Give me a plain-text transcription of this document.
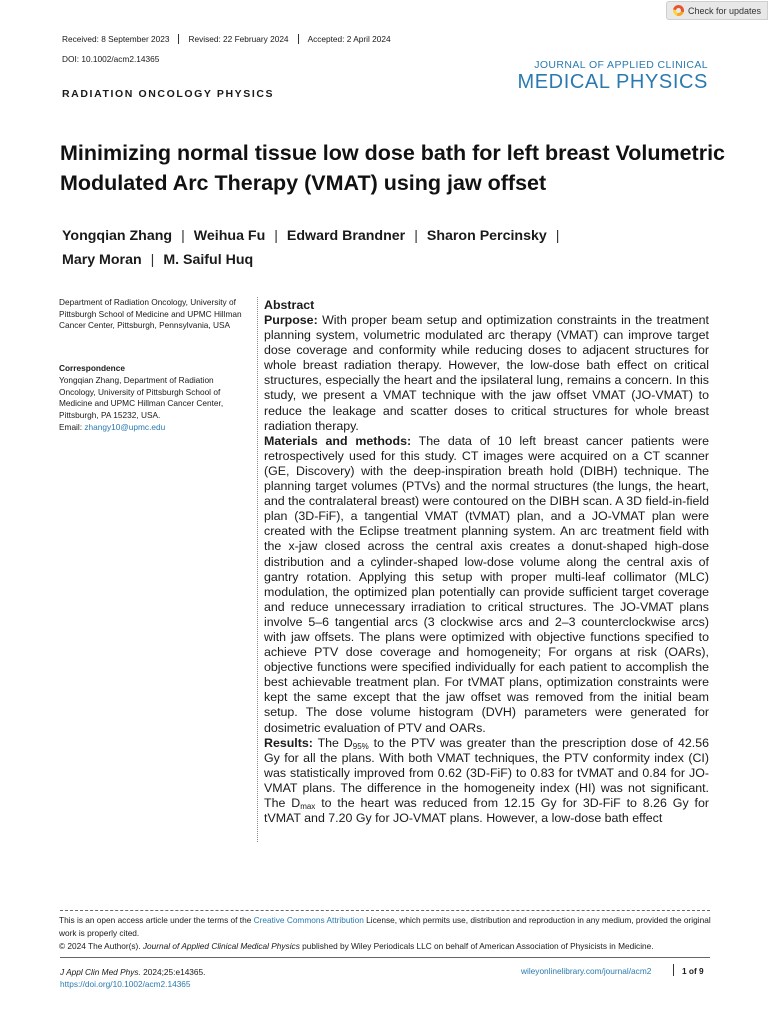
Check for updates
Received: 8 September 2023	Revised: 22 February 2024	Accepted: 2 April 2024
DOI: 10.1002/acm2.14365	JOURNAL OF APPLIED CLINICAL
MEDICAL PHYSICS
RADIATION ONCOLOGY PHYSICS
Minimizing normal tissue low dose bath for left breast Volumetric Modulated Arc Therapy (VMAT) using jaw offset
Yongqian Zhang | Weihua Fu | Edward Brandner | Sharon Percinsky |
Mary Moran | M. Saiful Huq
Department of Radiation Oncology, University of Pittsburgh School of Medicine and UPMC Hillman Cancer Center, Pittsburgh, Pennsylvania, USA
Correspondence
Yongqian Zhang, Department of Radiation Oncology, University of Pittsburgh School of Medicine and UPMC Hillman Cancer Center, Pittsburgh, PA 15232, USA.
Email: zhangy10@upmc.edu
Abstract

Purpose: With proper beam setup and optimization constraints in the treatment planning system, volumetric modulated arc therapy (VMAT) can improve target dose coverage and conformity while reducing doses to adjacent structures for whole breast radiation therapy. However, the low-dose bath effect on critical structures, especially the heart and the ipsilateral lung, remains a concern. In this study, we present a VMAT technique with the jaw offset VMAT (JO-VMAT) to reduce the leakage and scatter doses to critical structures for whole breast radiation therapy.

Materials and methods: The data of 10 left breast cancer patients were retrospectively used for this study. CT images were acquired on a CT scanner (GE, Discovery) with the deep-inspiration breath hold (DIBH) technique. The planning target volumes (PTVs) and the normal structures (the lungs, the heart, and the contralateral breast) were contoured on the DIBH scan. A 3D field-in-field plan (3D-FiF), a tangential VMAT (tVMAT) plan, and a JO-VMAT plan were created with the Eclipse treatment planning system. An arc treatment field with the x-jaw closed across the central axis creates a donut-shaped high-dose distribution and a cylinder-shaped low-dose volume along the central axis of gantry rotation. Applying this setup with proper multi-leaf collimator (MLC) modulation, the optimized plan potentially can provide sufficient target coverage and reduce unnecessary irradiation to critical structures. The JO-VMAT plans involve 5–6 tangential arcs (3 clockwise arcs and 2–3 counterclockwise arcs) with jaw offsets. The plans were optimized with objective functions specified to achieve PTV dose coverage and homogeneity; For organs at risk (OARs), objective functions were specified individually for each patient to accomplish the best achievable treatment plan. For tVMAT plans, optimization constraints were kept the same except that the jaw offset was removed from the initial beam setup. The dose volume histogram (DVH) parameters were generated for dosimetric evaluation of PTV and OARs.

Results: The $D_{95\%}$ to the PTV was greater than the prescription dose of 42.56 Gy for all the plans. With both VMAT techniques, the PTV conformity index (CI) was statistically improved from 0.62 (3D-FiF) to 0.83 for tVMAT and 0.84 for JO-VMAT plans. The difference in the homogeneity index (HI) was not significant. The $D_{max}$ to the heart was reduced from 12.15 Gy for 3D-FiF to 8.26 Gy for tVMAT and 7.20 Gy for JO-VMAT plans. However, a low-dose bath effect

This is an open access article under the terms of the Creative Commons Attribution License, which permits use, distribution and reproduction in any medium, provided the original work is properly cited.
© 2024 The Author(s). Journal of Applied Clinical Medical Physics published by Wiley Periodicals LLC on behalf of American Association of Physicists in Medicine.
J Appl Clin Med Phys. 2024;25:e14365.
https://doi.org/10.1002/acm2.14365
wileyonlinelibrary.com/journal/acm2	1 of 9
